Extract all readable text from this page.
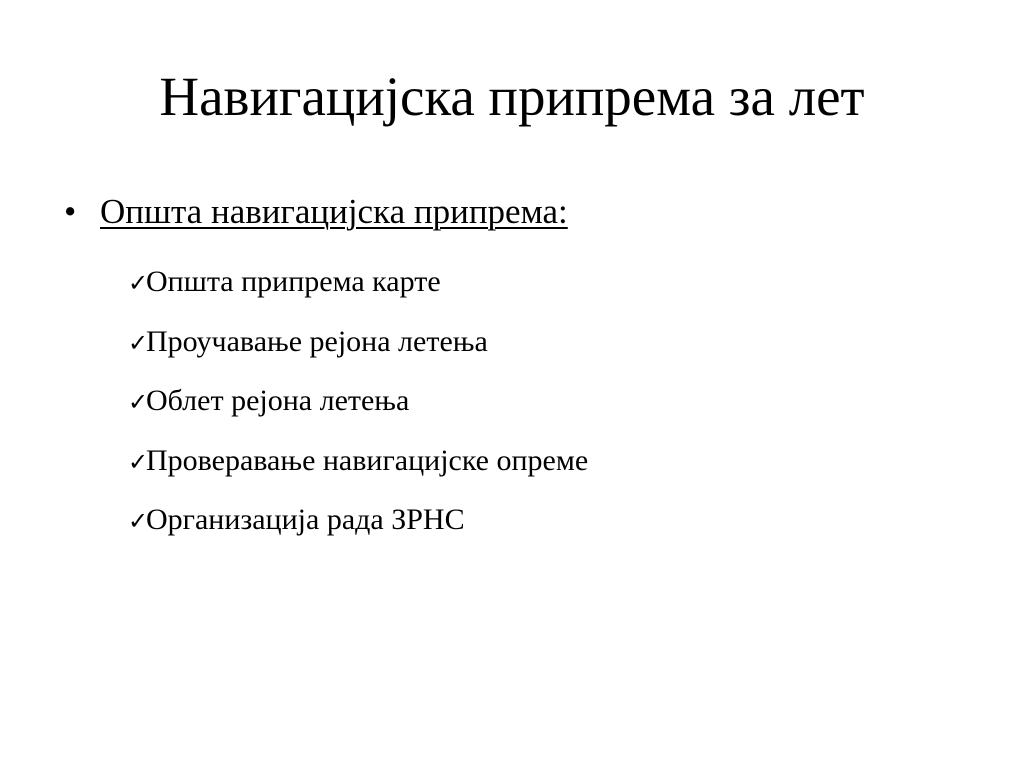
Навигацијска припрема за лет
• Општа навигацијска припрема:
✓
Општа припрема карте
✓
Проучавање рејона летења
✓
Облет рејона летења
✓
Проверавање навигацијске опреме
✓
Организација рада ЗРНС
